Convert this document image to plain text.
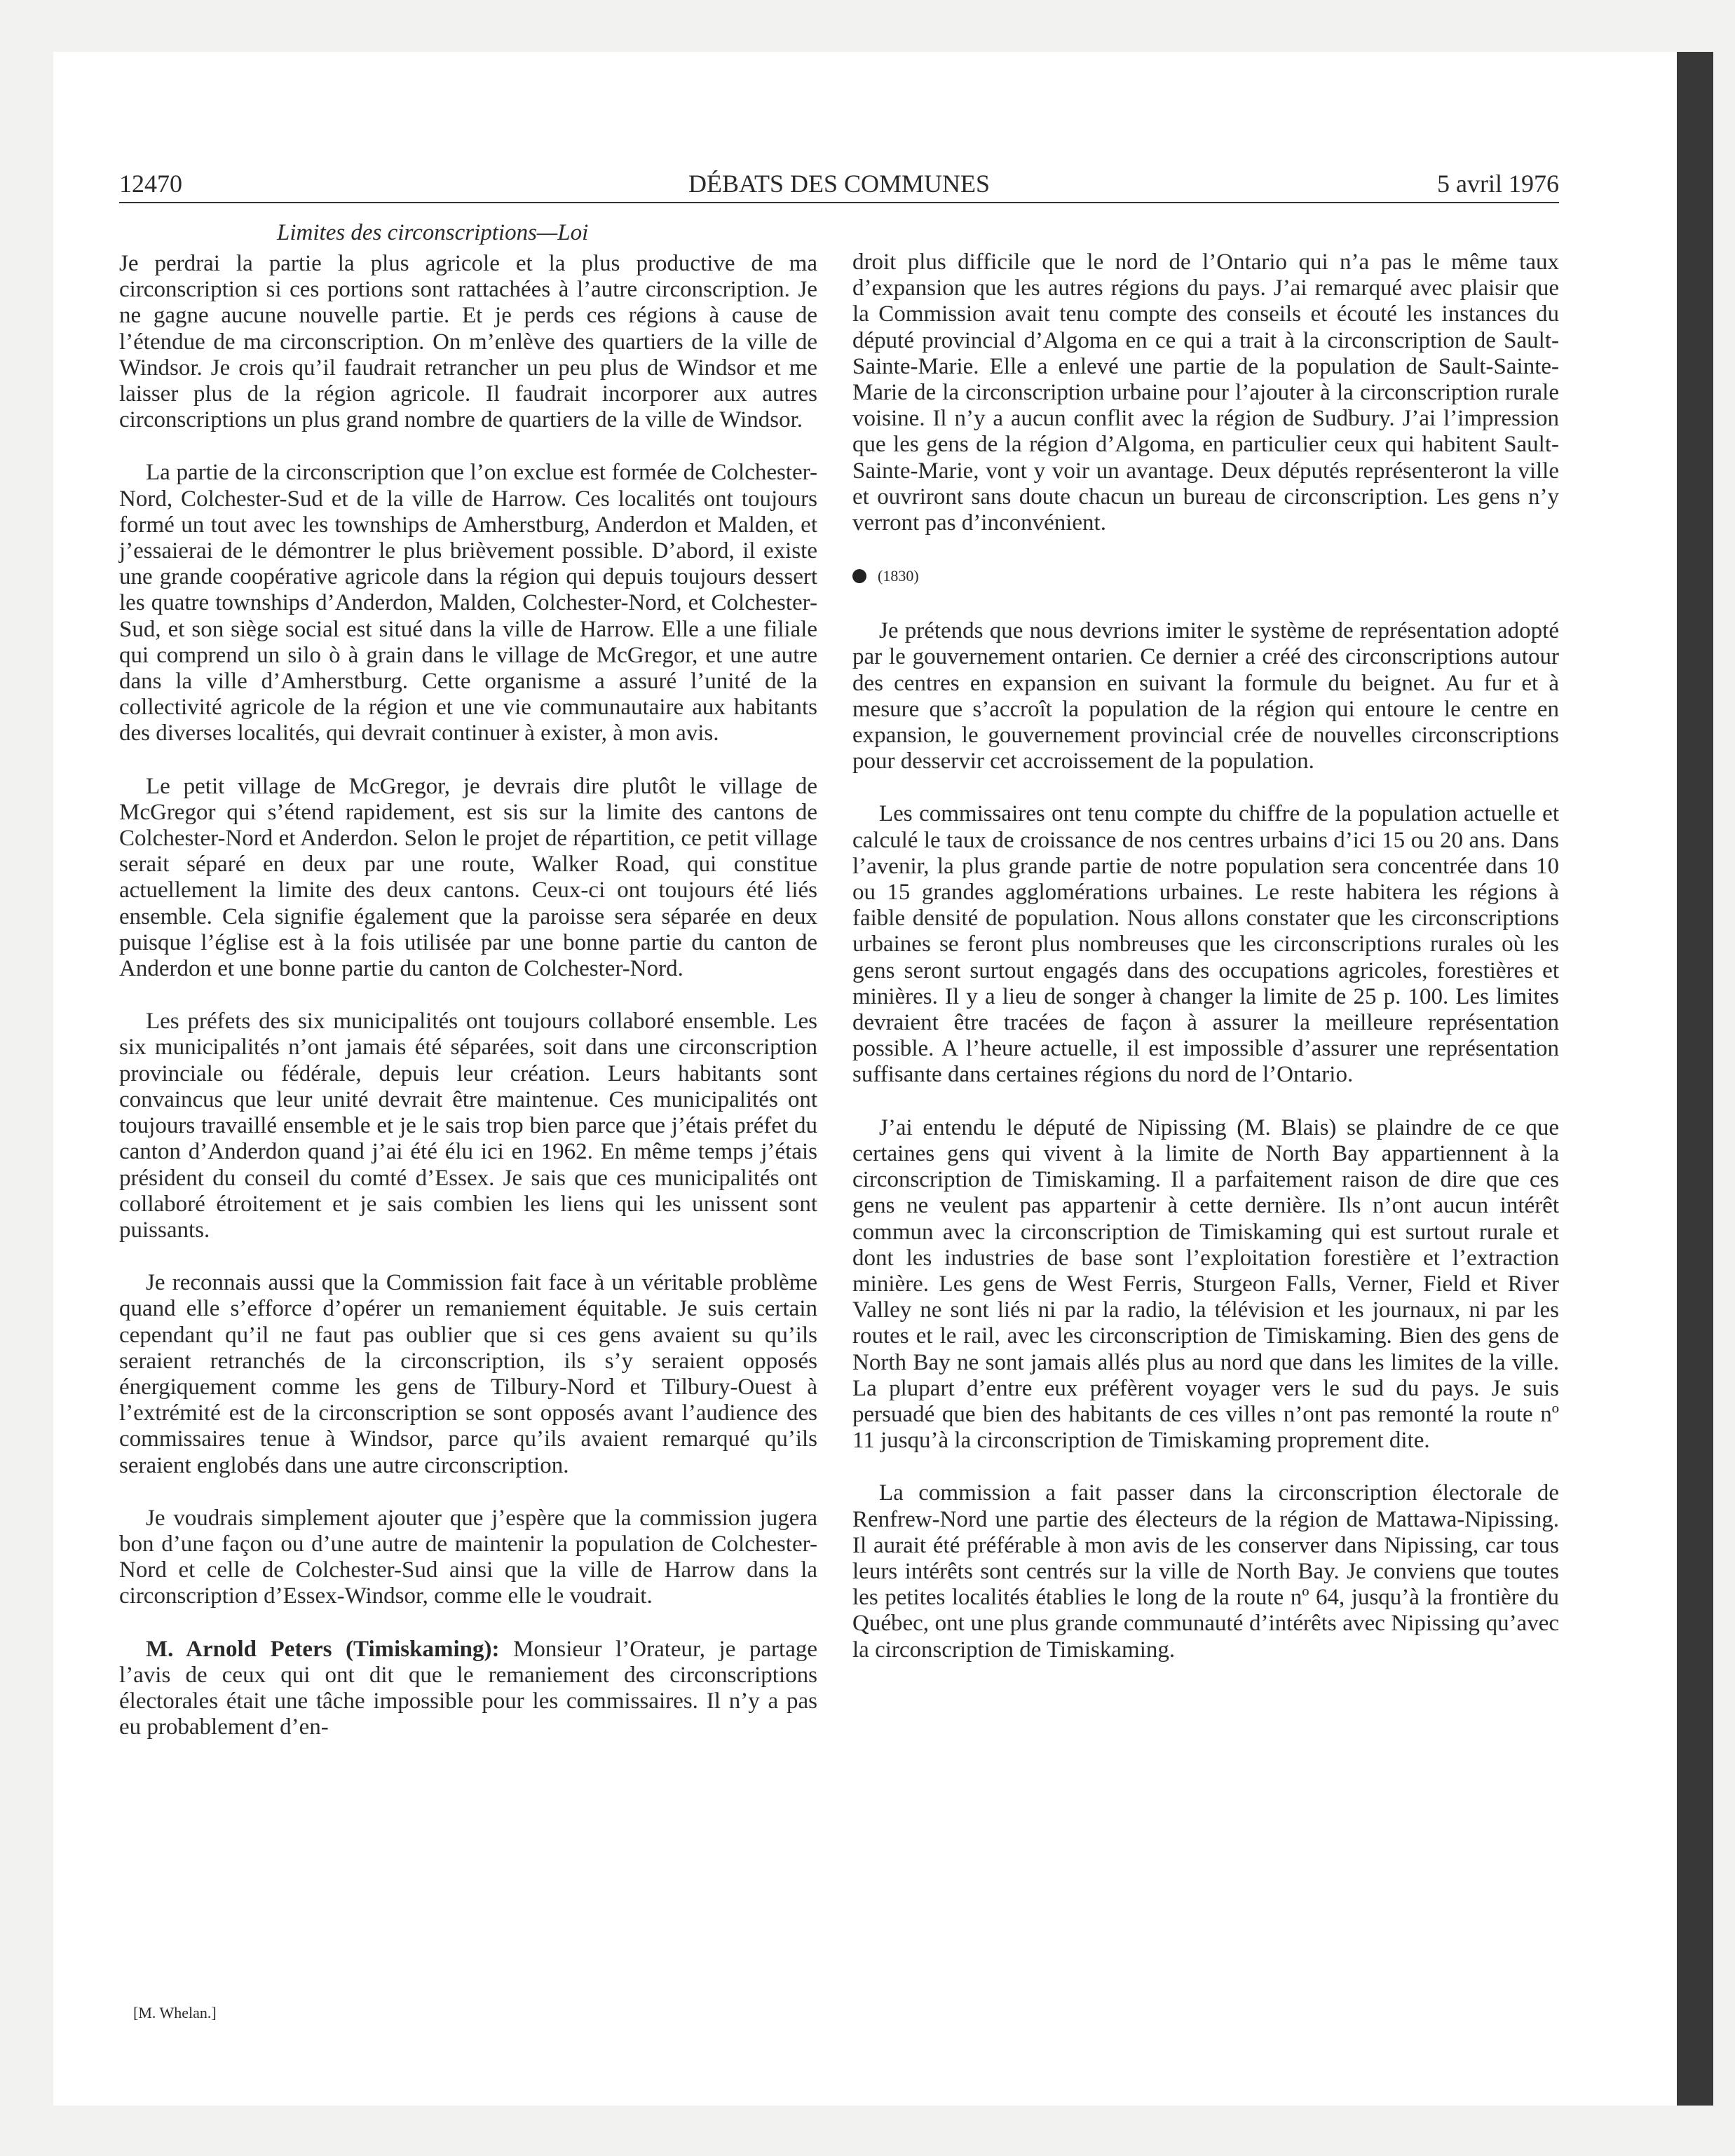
12470	DÉBATS DES COMMUNES	5 avril 1976
Limites des circonscriptions—Loi

Je perdrai la partie la plus agricole et la plus productive de ma circonscription si ces portions sont rattachées à l’autre circonscription. Je ne gagne aucune nouvelle partie. Et je perds ces régions à cause de l’étendue de ma circonscription. On m’enlève des quartiers de la ville de Windsor. Je crois qu’il faudrait retrancher un peu plus de Windsor et me laisser plus de la région agricole. Il faudrait incorporer aux autres circonscriptions un plus grand nombre de quartiers de la ville de Windsor.

La partie de la circonscription que l’on exclue est formée de Colchester-Nord, Colchester-Sud et de la ville de Harrow. Ces localités ont toujours formé un tout avec les townships de Amherstburg, Anderdon et Malden, et j’essaierai de le démontrer le plus brièvement possible. D’abord, il existe une grande coopérative agricole dans la région qui depuis toujours dessert les quatre townships d’Anderdon, Malden, Colchester-Nord, et Colchester-Sud, et son siège social est situé dans la ville de Harrow. Elle a une filiale qui comprend un silo ò à grain dans le village de McGregor, et une autre dans la ville d’Amherstburg. Cette organisme a assuré l’unité de la collectivité agricole de la région et une vie communautaire aux habitants des diverses localités, qui devrait continuer à exister, à mon avis.

Le petit village de McGregor, je devrais dire plutôt le village de McGregor qui s’étend rapidement, est sis sur la limite des cantons de Colchester-Nord et Anderdon. Selon le projet de répartition, ce petit village serait séparé en deux par une route, Walker Road, qui constitue actuellement la limite des deux cantons. Ceux-ci ont toujours été liés ensemble. Cela signifie également que la paroisse sera séparée en deux puisque l’église est à la fois utilisée par une bonne partie du canton de Anderdon et une bonne partie du canton de Colchester-Nord.

Les préfets des six municipalités ont toujours collaboré ensemble. Les six municipalités n’ont jamais été séparées, soit dans une circonscription provinciale ou fédérale, depuis leur création. Leurs habitants sont convaincus que leur unité devrait être maintenue. Ces municipalités ont toujours travaillé ensemble et je le sais trop bien parce que j’étais préfet du canton d’Anderdon quand j’ai été élu ici en 1962. En même temps j’étais président du conseil du comté d’Essex. Je sais que ces municipalités ont collaboré étroitement et je sais combien les liens qui les unissent sont puissants.

Je reconnais aussi que la Commission fait face à un véritable problème quand elle s’efforce d’opérer un remaniement équitable. Je suis certain cependant qu’il ne faut pas oublier que si ces gens avaient su qu’ils seraient retranchés de la circonscription, ils s’y seraient opposés énergiquement comme les gens de Tilbury-Nord et Tilbury-Ouest à l’extrémité est de la circonscription se sont opposés avant l’audience des commissaires tenue à Windsor, parce qu’ils avaient remarqué qu’ils seraient englobés dans une autre circonscription.

Je voudrais simplement ajouter que j’espère que la commission jugera bon d’une façon ou d’une autre de maintenir la population de Colchester-Nord et celle de Colchester-Sud ainsi que la ville de Harrow dans la circonscription d’Essex-Windsor, comme elle le voudrait.

M. Arnold Peters (Timiskaming): Monsieur l’Orateur, je partage l’avis de ceux qui ont dit que le remaniement des circonscriptions électorales était une tâche impossible pour les commissaires. Il n’y a pas eu probablement d’en-

droit plus difficile que le nord de l’Ontario qui n’a pas le même taux d’expansion que les autres régions du pays. J’ai remarqué avec plaisir que la Commission avait tenu compte des conseils et écouté les instances du député provincial d’Algoma en ce qui a trait à la circonscription de Sault-Sainte-Marie. Elle a enlevé une partie de la population de Sault-Sainte-Marie de la circonscription urbaine pour l’ajouter à la circonscription rurale voisine. Il n’y a aucun conflit avec la région de Sudbury. J’ai l’impression que les gens de la région d’Algoma, en particulier ceux qui habitent Sault-Sainte-Marie, vont y voir un avantage. Deux députés représenteront la ville et ouvriront sans doute chacun un bureau de circonscription. Les gens n’y verront pas d’inconvénient.

(1830)

Je prétends que nous devrions imiter le système de représentation adopté par le gouvernement ontarien. Ce dernier a créé des circonscriptions autour des centres en expansion en suivant la formule du beignet. Au fur et à mesure que s’accroît la population de la région qui entoure le centre en expansion, le gouvernement provincial crée de nouvelles circonscriptions pour desservir cet accroissement de la population.

Les commissaires ont tenu compte du chiffre de la population actuelle et calculé le taux de croissance de nos centres urbains d’ici 15 ou 20 ans. Dans l’avenir, la plus grande partie de notre population sera concentrée dans 10 ou 15 grandes agglomérations urbaines. Le reste habitera les régions à faible densité de population. Nous allons constater que les circonscriptions urbaines se feront plus nombreuses que les circonscriptions rurales où les gens seront surtout engagés dans des occupations agricoles, forestières et minières. Il y a lieu de songer à changer la limite de 25 p. 100. Les limites devraient être tracées de façon à assurer la meilleure représentation possible. A l’heure actuelle, il est impossible d’assurer une représentation suffisante dans certaines régions du nord de l’Ontario.

J’ai entendu le député de Nipissing (M. Blais) se plaindre de ce que certaines gens qui vivent à la limite de North Bay appartiennent à la circonscription de Timiskaming. Il a parfaitement raison de dire que ces gens ne veulent pas appartenir à cette dernière. Ils n’ont aucun intérêt commun avec la circonscription de Timiskaming qui est surtout rurale et dont les industries de base sont l’exploitation forestière et l’extraction minière. Les gens de West Ferris, Sturgeon Falls, Verner, Field et River Valley ne sont liés ni par la radio, la télévision et les journaux, ni par les routes et le rail, avec les circonscription de Timiskaming. Bien des gens de North Bay ne sont jamais allés plus au nord que dans les limites de la ville. La plupart d’entre eux préfèrent voyager vers le sud du pays. Je suis persuadé que bien des habitants de ces villes n’ont pas remonté la route nº 11 jusqu’à la circonscription de Timiskaming proprement dite.

La commission a fait passer dans la circonscription électorale de Renfrew-Nord une partie des électeurs de la région de Mattawa-Nipissing. Il aurait été préférable à mon avis de les conserver dans Nipissing, car tous leurs intérêts sont centrés sur la ville de North Bay. Je conviens que toutes les petites localités établies le long de la route nº 64, jusqu’à la frontière du Québec, ont une plus grande communauté d’intérêts avec Nipissing qu’avec la circonscription de Timiskaming.

[M. Whelan.]
